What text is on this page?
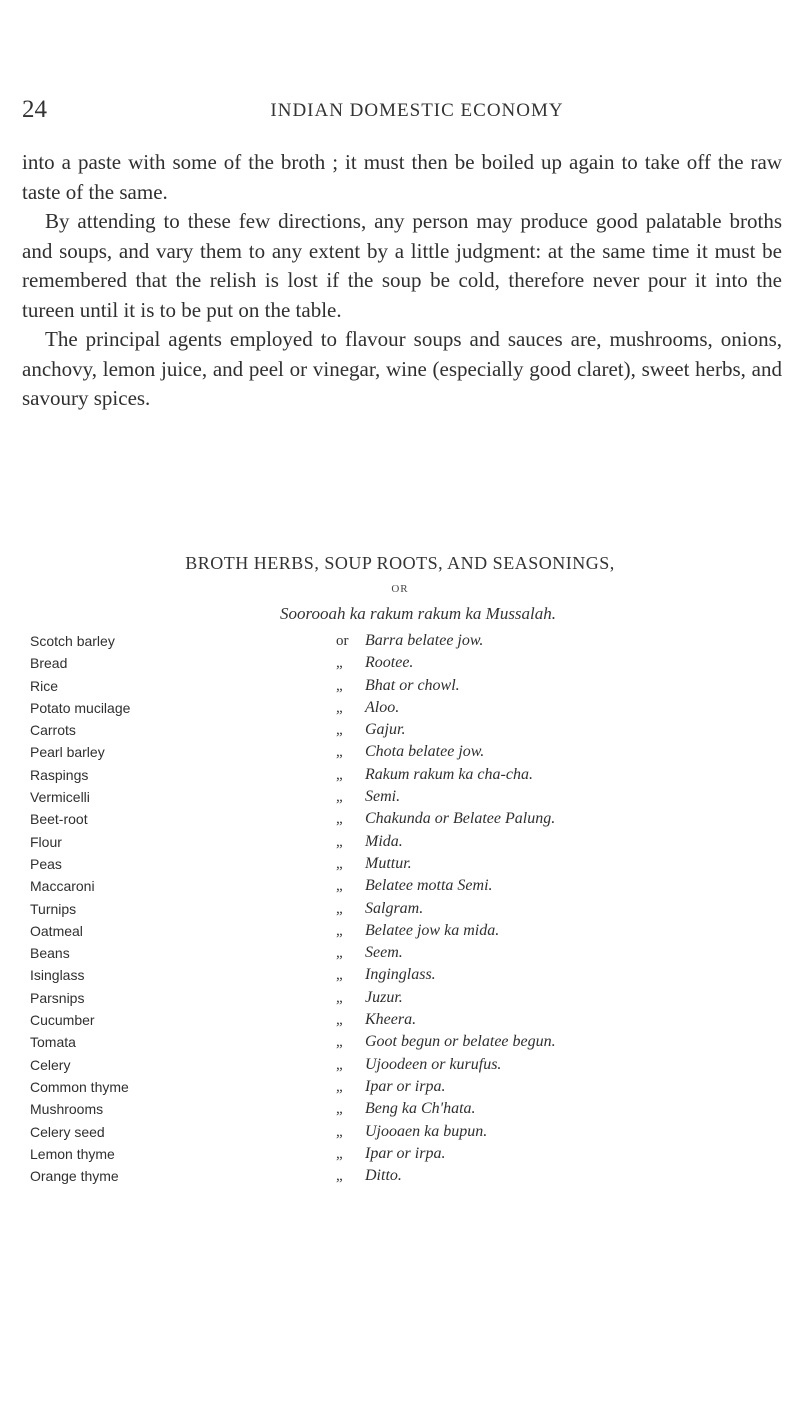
24	INDIAN DOMESTIC ECONOMY

into a paste with some of the broth ; it must then be boiled up again to take off the raw taste of the same.

By attending to these few directions, any person may produce good palatable broths and soups, and vary them to any extent by a little judgment: at the same time it must be remembered that the relish is lost if the soup be cold, therefore never pour it into the tureen until it is to be put on the table.

The principal agents employed to flavour soups and sauces are, mushrooms, onions, anchovy, lemon juice, and peel or vinegar, wine (especially good claret), sweet herbs, and savoury spices.

BROTH HERBS, SOUP ROOTS, AND SEASONINGS,
OR
Soorooah ka rakum rakum ka Mussalah.
Scotch barley	or Barra belatee jow.
Bread	„ Rootee.
Rice	„ Bhat or chowl.
Potato mucilage	„ Aloo.
Carrots	„ Gajur.
Pearl barley	„ Chota belatee jow.
Raspings	„ Rakum rakum ka cha-cha.
Vermicelli	„ Semi.
Beet-root	„ Chakunda or Belatee Palung.
Flour	„ Mida.
Peas	„ Muttur.
Maccaroni	„ Belatee motta Semi.
Turnips	„ Salgram.
Oatmeal	„ Belatee jow ka mida.
Beans	„ Seem.
Isinglass	„ Inginglass.
Parsnips	„ Juzur.
Cucumber	„ Kheera.
Tomata	„ Goot begun or belatee begun.
Celery	„ Ujoodeen or kurufus.
Common thyme	„ Ipar or irpa.
Mushrooms	„ Beng ka Ch'hata.
Celery seed	„ Ujooaen ka bupun.
Lemon thyme	„ Ipar or irpa.
Orange thyme	„ Ditto.
